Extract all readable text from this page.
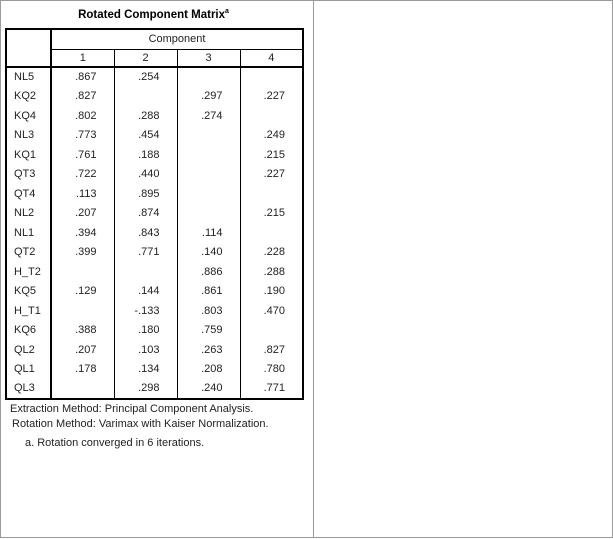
Rotated Component Matrix$^a$
	Component			
	1	2	3	4
NL5	.867	.254		
KQ2	.827		.297	.227
KQ4	.802	.288	.274	
NL3	.773	.454		.249
KQ1	.761	.188		.215
QT3	.722	.440		.227
QT4	.113	.895		
NL2	.207	.874		.215
NL1	.394	.843	.114	
QT2	.399	.771	.140	.228
H_T2			.886	.288
KQ5	.129	.144	.861	.190
H_T1		-.133	.803	.470
KQ6	.388	.180	.759	
QL2	.207	.103	.263	.827
QL1	.178	.134	.208	.780
QL3		.298	.240	.771
Extraction Method: Principal Component Analysis.
Rotation Method: Varimax with Kaiser Normalization.
a. Rotation converged in 6 iterations.
